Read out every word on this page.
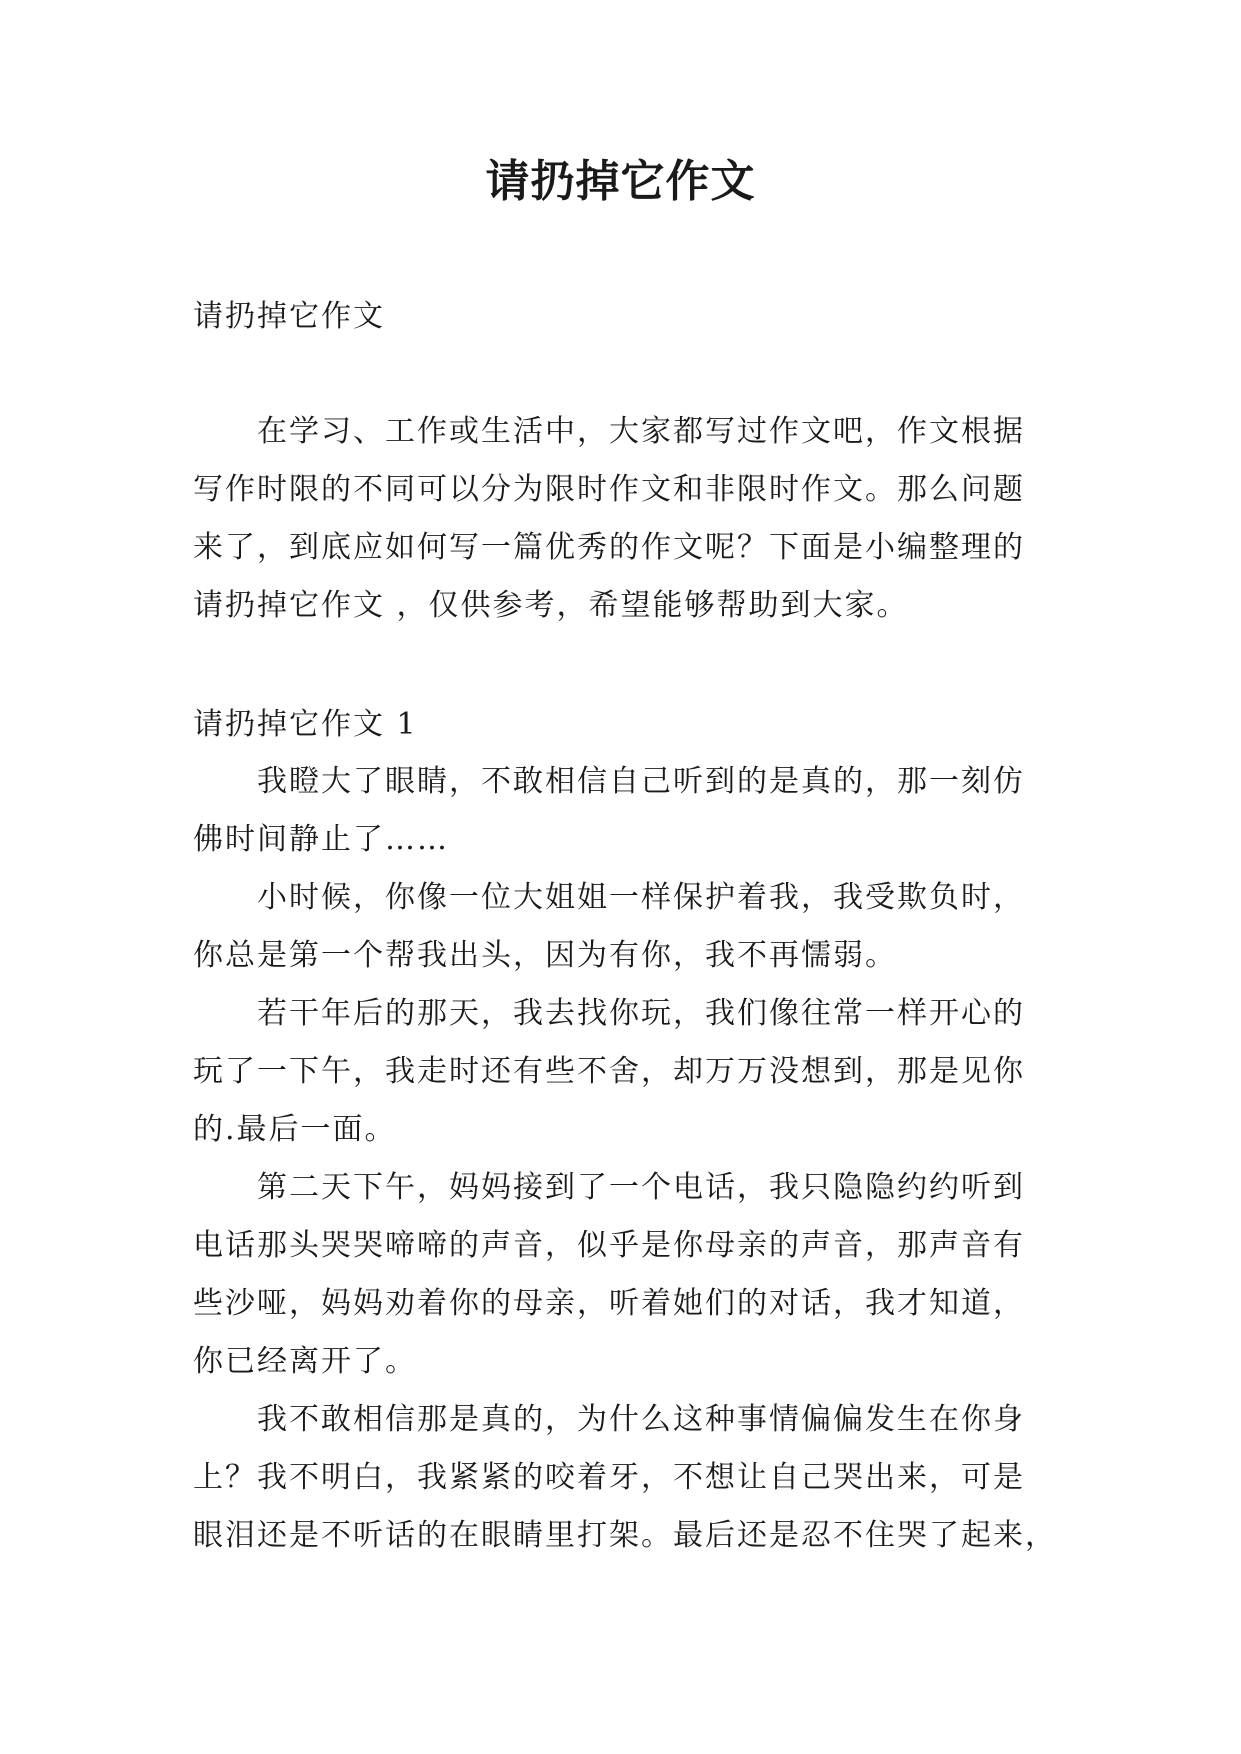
请扔掉它作文
请扔掉它作文
在学习、工作或生活中，大家都写过作文吧，作文根据
写作时限的不同可以分为限时作文和非限时作文。那么问题
来了，到底应如何写一篇优秀的作文呢？下面是小编整理的
请扔掉它作文 ，仅供参考，希望能够帮助到大家。
请扔掉它作文 1
我瞪大了眼睛，不敢相信自己听到的是真的，那一刻仿
佛时间静止了……
小时候，你像一位大姐姐一样保护着我，我受欺负时，
你总是第一个帮我出头，因为有你，我不再懦弱。
若干年后的那天，我去找你玩，我们像往常一样开心的
玩了一下午，我走时还有些不舍，却万万没想到，那是见你
的.最后一面。
第二天下午，妈妈接到了一个电话，我只隐隐约约听到
电话那头哭哭啼啼的声音，似乎是你母亲的声音，那声音有
些沙哑，妈妈劝着你的母亲，听着她们的对话，我才知道，
你已经离开了。
我不敢相信那是真的，为什么这种事情偏偏发生在你身
上？我不明白，我紧紧的咬着牙，不想让自己哭出来，可是
眼泪还是不听话的在眼睛里打架。最后还是忍不住哭了起来，
